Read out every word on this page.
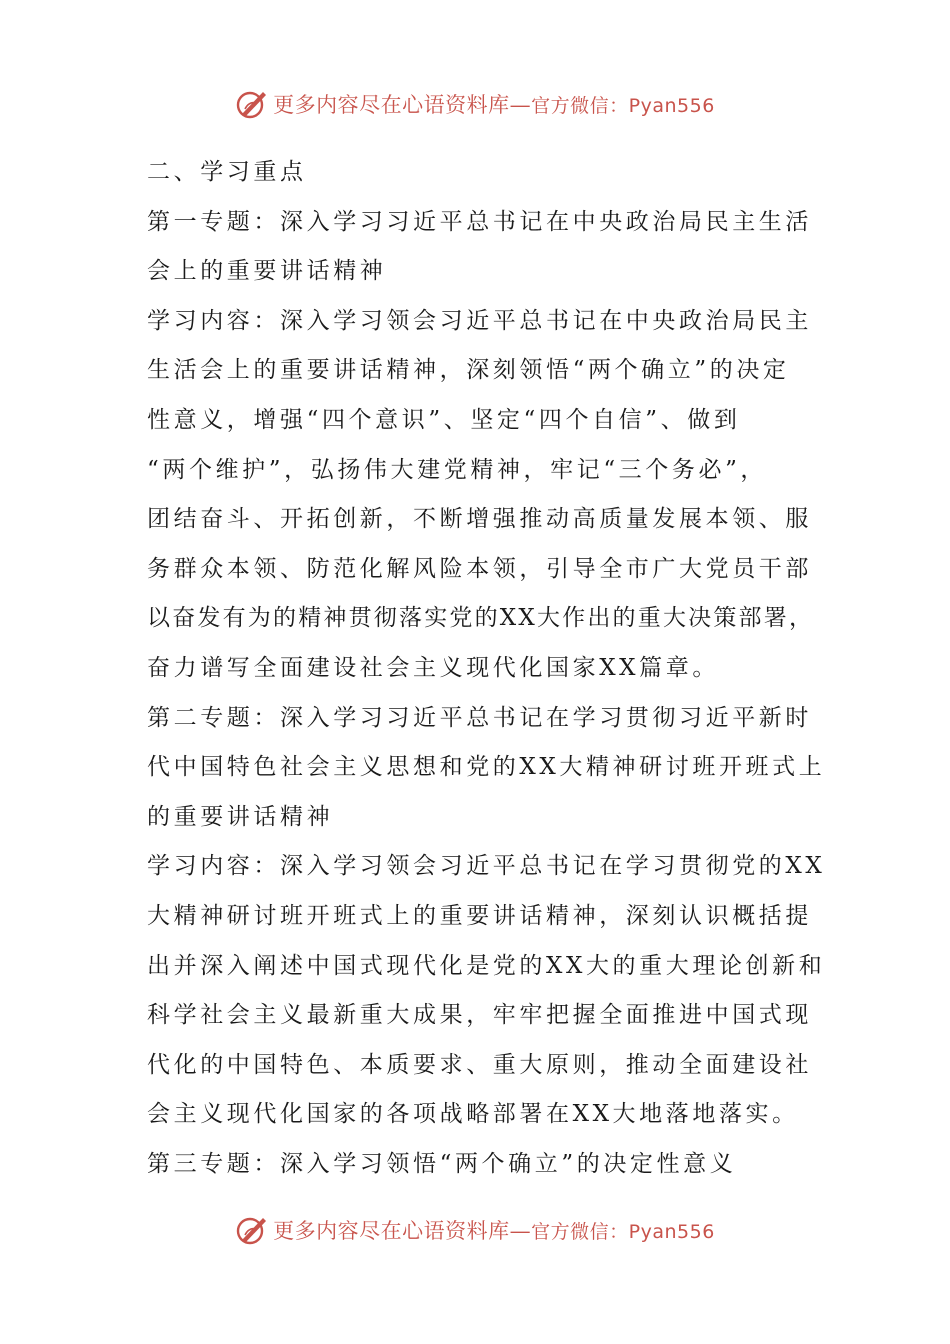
更多内容尽在心语资料库—官方微信：Pyan556
二、学习重点
第一专题：深入学习习近平总书记在中央政治局民主生活
会上的重要讲话精神
学习内容：深入学习领会习近平总书记在中央政治局民主
生活会上的重要讲话精神，深刻领悟“两个确立”的决定
性意义，增强“四个意识”、坚定“四个自信”、做到
“两个维护”，弘扬伟大建党精神，牢记“三个务必”，
团结奋斗、开拓创新，不断增强推动高质量发展本领、服
务群众本领、防范化解风险本领，引导全市广大党员干部
以奋发有为的精神贯彻落实党的XX大作出的重大决策部署，
奋力谱写全面建设社会主义现代化国家XX篇章。
第二专题：深入学习习近平总书记在学习贯彻习近平新时
代中国特色社会主义思想和党的XX大精神研讨班开班式上
的重要讲话精神
学习内容：深入学习领会习近平总书记在学习贯彻党的XX
大精神研讨班开班式上的重要讲话精神，深刻认识概括提
出并深入阐述中国式现代化是党的XX大的重大理论创新和
科学社会主义最新重大成果，牢牢把握全面推进中国式现
代化的中国特色、本质要求、重大原则，推动全面建设社
会主义现代化国家的各项战略部署在XX大地落地落实。
第三专题：深入学习领悟“两个确立”的决定性意义
更多内容尽在心语资料库—官方微信：Pyan556
